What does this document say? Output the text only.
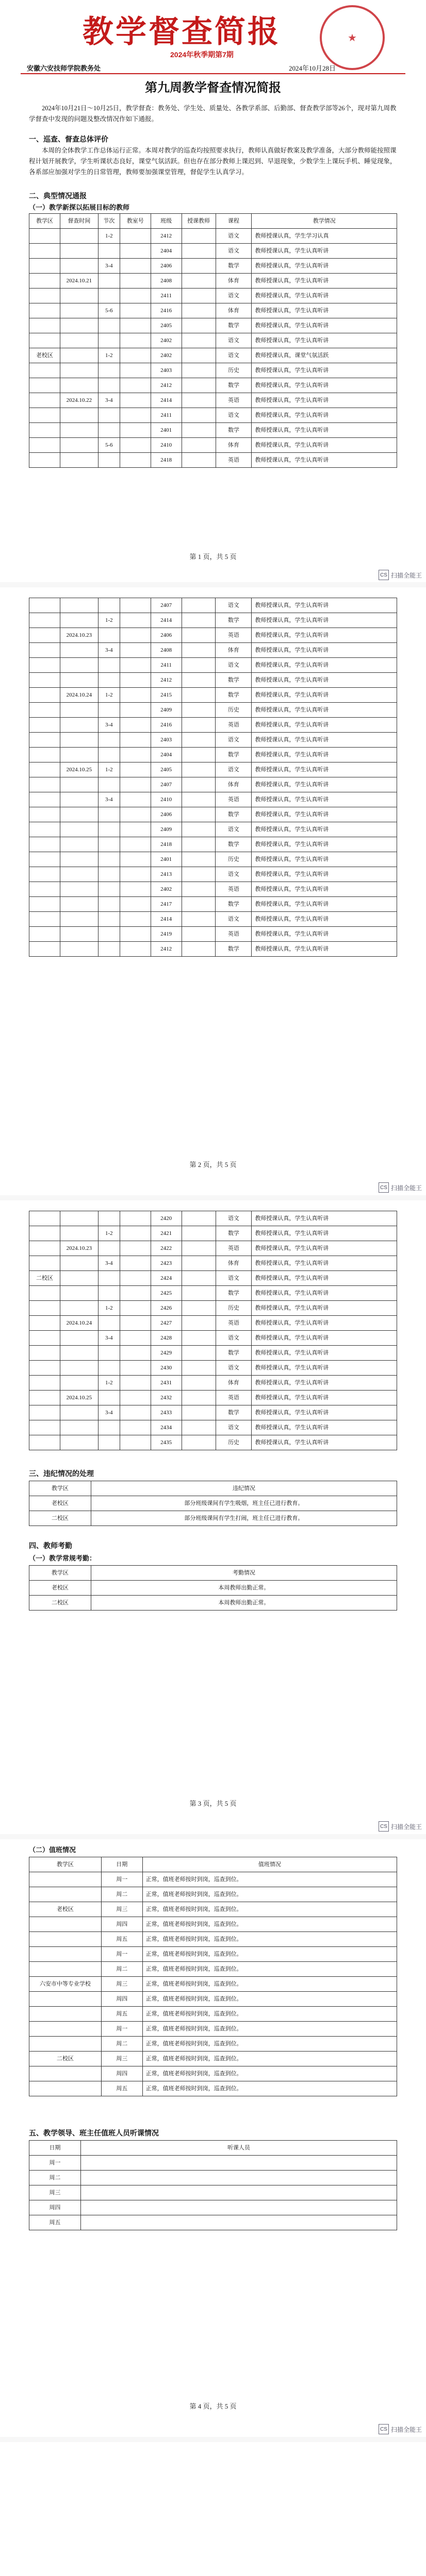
教学督查简报	★
2024年秋季期第7期
安徽六安技师学院教务处	2024年10月28日
第九周教学督查情况简报
2024年10月21日～10月25日，教学督查：教务处、学生处、质量处、各教学系部、后勤部、督查教学部等26个，现对第九周教学督查中发现的问题及整改情况作如下通报。
一、巡查、督查总体评价
本周的全体教学工作总体运行正常。本周对教学的巡查均按照要求执行，教师认真做好教案及教学准备，大部分教师能按照课程计划开展教学，学生听课状态良好，课堂气氛活跃。但也存在部分教师上课迟到、早退现象，少数学生上课玩手机、睡觉现象，各系部应加强对学生的日常管理，教师要加强课堂管理，督促学生认真学习。
二、典型情况通报
（一）教学新探以拓展目标的教师
教学区	督查时间	节次	教室号	班级	授课教师	课程	教学情况
		1-2		2412		语文	教师授课认真，学生学习认真
				2404		语文	教师授课认真，学生认真听讲
		3-4		2406		数学	教师授课认真，学生认真听讲
	2024.10.21			2408		体育	教师授课认真，学生认真听讲
				2411		语文	教师授课认真，学生认真听讲
		5-6		2416		体育	教师授课认真，学生认真听讲
				2405		数学	教师授课认真，学生认真听讲
				2402		语文	教师授课认真，学生认真听讲
老校区		1-2		2402		语文	教师授课认真，课堂气氛活跃
				2403		历史	教师授课认真，学生认真听讲
				2412		数学	教师授课认真，学生认真听讲
	2024.10.22	3-4		2414		英语	教师授课认真，学生认真听讲
				2411		语文	教师授课认真，学生认真听讲
				2401		数学	教师授课认真，学生认真听讲
		5-6		2410		体育	教师授课认真，学生认真听讲
				2418		英语	教师授课认真，学生认真听讲
第 1 页，共 5 页
CS 扫描全能王
				2407		语文	教师授课认真，学生认真听讲
		1-2		2414		数学	教师授课认真，学生认真听讲
	2024.10.23			2406		英语	教师授课认真，学生认真听讲
		3-4		2408		体育	教师授课认真，学生认真听讲
				2411		语文	教师授课认真，学生认真听讲
				2412		数学	教师授课认真，学生认真听讲
	2024.10.24	1-2		2415		数学	教师授课认真，学生认真听讲
				2409		历史	教师授课认真，学生认真听讲
		3-4		2416		英语	教师授课认真，学生认真听讲
				2403		语文	教师授课认真，学生认真听讲
				2404		数学	教师授课认真，学生认真听讲
	2024.10.25	1-2		2405		语文	教师授课认真，学生认真听讲
				2407		体育	教师授课认真，学生认真听讲
		3-4		2410		英语	教师授课认真，学生认真听讲
				2406		数学	教师授课认真，学生认真听讲
				2409		语文	教师授课认真，学生认真听讲
				2418		数学	教师授课认真，学生认真听讲
				2401		历史	教师授课认真，学生认真听讲
				2413		语文	教师授课认真，学生认真听讲
				2402		英语	教师授课认真，学生认真听讲
				2417		数学	教师授课认真，学生认真听讲
				2414		语文	教师授课认真，学生认真听讲
				2419		英语	教师授课认真，学生认真听讲
				2412		数学	教师授课认真，学生认真听讲
第 2 页，共 5 页
CS 扫描全能王
				2420		语文	教师授课认真，学生认真听讲
		1-2		2421		数学	教师授课认真，学生认真听讲
	2024.10.23			2422		英语	教师授课认真，学生认真听讲
		3-4		2423		体育	教师授课认真，学生认真听讲
二校区				2424		语文	教师授课认真，学生认真听讲
				2425		数学	教师授课认真，学生认真听讲
		1-2		2426		历史	教师授课认真，学生认真听讲
	2024.10.24			2427		英语	教师授课认真，学生认真听讲
		3-4		2428		语文	教师授课认真，学生认真听讲
				2429		数学	教师授课认真，学生认真听讲
				2430		语文	教师授课认真，学生认真听讲
		1-2		2431		体育	教师授课认真，学生认真听讲
	2024.10.25			2432		英语	教师授课认真，学生认真听讲
		3-4		2433		数学	教师授课认真，学生认真听讲
				2434		语文	教师授课认真，学生认真听讲
				2435		历史	教师授课认真，学生认真听讲
三、违纪情况的处理
教学区	违纪情况
老校区	部分班级课间有学生吸烟，班主任已进行教育。
二校区	部分班级课间有学生打闹，班主任已进行教育。
四、教师考勤
（一）教学常规考勤：
教学区	考勤情况
老校区	本周教师出勤正常。
二校区	本周教师出勤正常。
第 3 页，共 5 页
CS 扫描全能王
（二）值班情况
教学区	日期	值班情况
	周一	正常，值班老师按时到岗，巡查到位。
	周二	正常，值班老师按时到岗，巡查到位。
老校区	周三	正常，值班老师按时到岗，巡查到位。
	周四	正常，值班老师按时到岗，巡查到位。
	周五	正常，值班老师按时到岗，巡查到位。
	周一	正常，值班老师按时到岗，巡查到位。
	周二	正常，值班老师按时到岗，巡查到位。
六安市中等专业学校	周三	正常，值班老师按时到岗，巡查到位。
	周四	正常，值班老师按时到岗，巡查到位。
	周五	正常，值班老师按时到岗，巡查到位。
	周一	正常，值班老师按时到岗，巡查到位。
	周二	正常，值班老师按时到岗，巡查到位。
二校区	周三	正常，值班老师按时到岗，巡查到位。
	周四	正常，值班老师按时到岗，巡查到位。
	周五	正常，值班老师按时到岗，巡查到位。
五、教学领导、班主任值班人员听课情况
日期	听课人员
周一	
周二	
周三	
周四	
周五	
第 4 页，共 5 页
CS 扫描全能王
